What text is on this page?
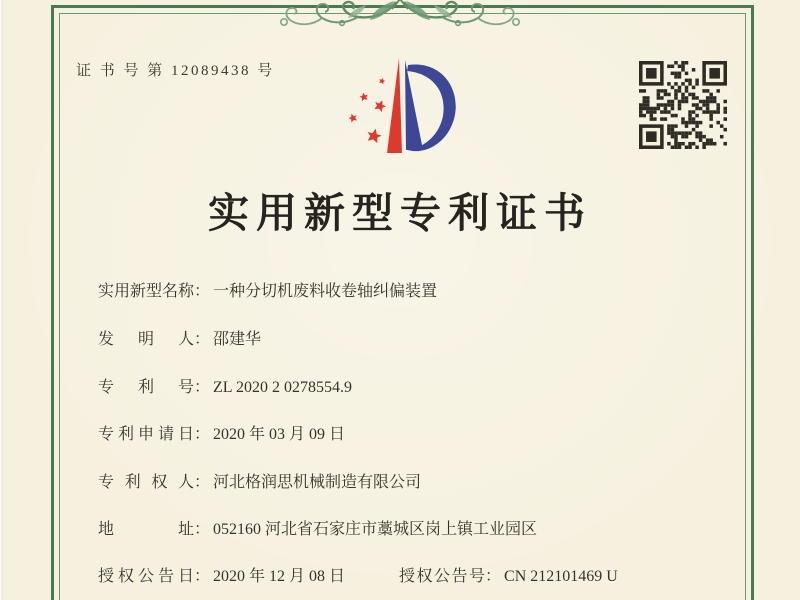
证 书 号 第 12089438 号
实用新型专利证书
实用新型名称： 一种分切机废料收卷轴纠偏装置
发明人： 邵建华
专利号： ZL 2020 2 0278554.9
专利申请日： 2020 年 03 月 09 日
专利权人： 河北格润思机械制造有限公司
地址： 052160 河北省石家庄市藁城区岗上镇工业园区
授权公告日： 2020 年 12 月 08 日	授权公告号： CN 212101469 U
